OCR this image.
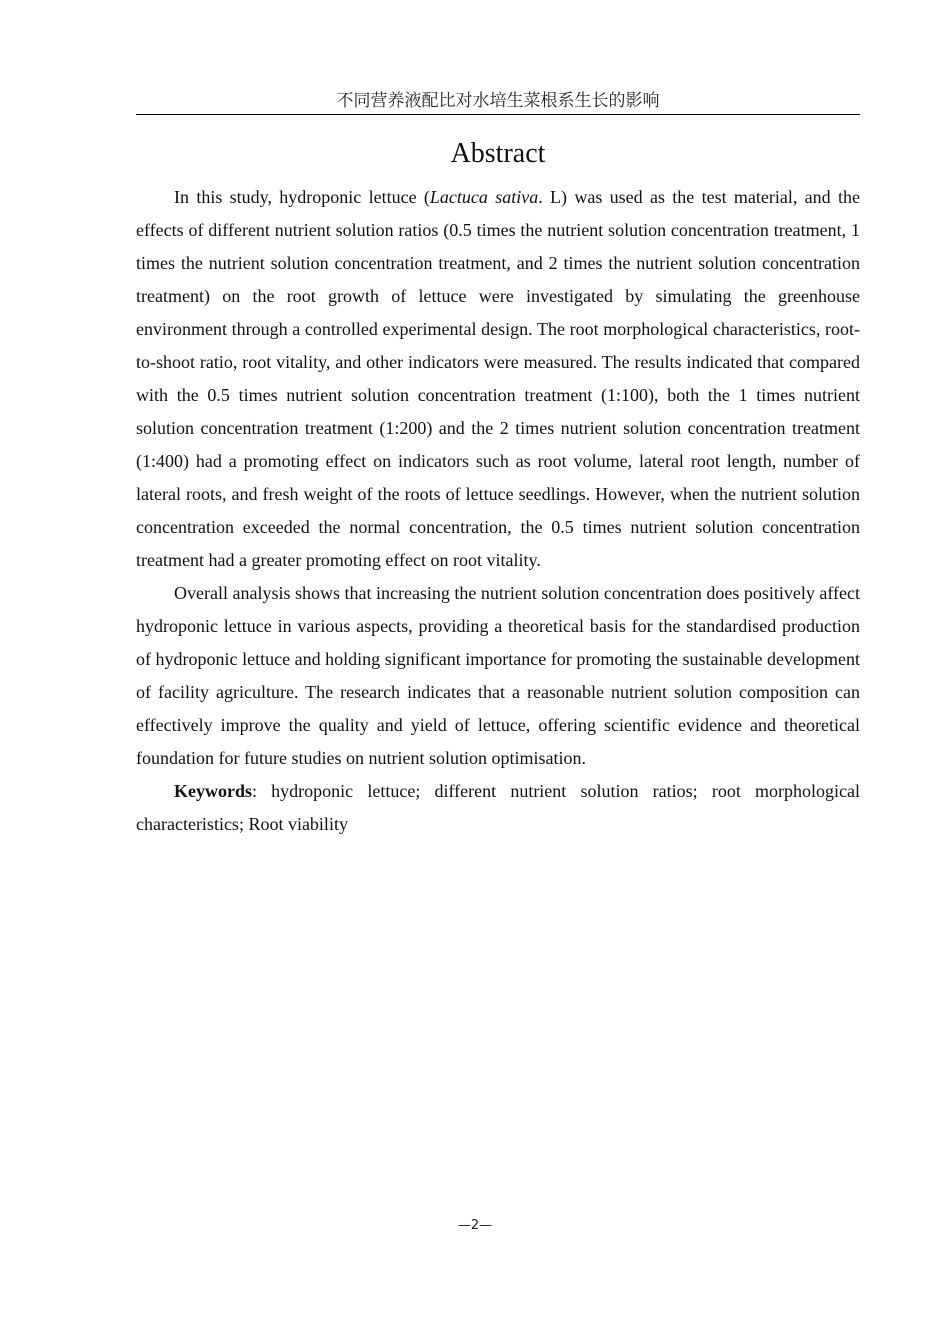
不同营养液配比对水培生菜根系生长的影响
Abstract

In this study, hydroponic lettuce (Lactuca sativa. L) was used as the test material, and the effects of different nutrient solution ratios (0.5 times the nutrient solution concentration treatment, 1 times the nutrient solution concentration treatment, and 2 times the nutrient solution concentration treatment) on the root growth of lettuce were investigated by simulating the greenhouse environment through a controlled experimental design. The root morphological characteristics, root-to-shoot ratio, root vitality, and other indicators were measured. The results indicated that compared with the 0.5 times nutrient solution concentration treatment (1:100), both the 1 times nutrient solution concentration treatment (1:200) and the 2 times nutrient solution concentration treatment (1:400) had a promoting effect on indicators such as root volume, lateral root length, number of lateral roots, and fresh weight of the roots of lettuce seedlings. However, when the nutrient solution concentration exceeded the normal concentration, the 0.5 times nutrient solution concentration treatment had a greater promoting effect on root vitality.

Overall analysis shows that increasing the nutrient solution concentration does positively affect hydroponic lettuce in various aspects, providing a theoretical basis for the standardised production of hydroponic lettuce and holding significant importance for promoting the sustainable development of facility agriculture. The research indicates that a reasonable nutrient solution composition can effectively improve the quality and yield of lettuce, offering scientific evidence and theoretical foundation for future studies on nutrient solution optimisation.

Keywords: hydroponic lettuce; different nutrient solution ratios; root morphological characteristics; Root viability

—2—
